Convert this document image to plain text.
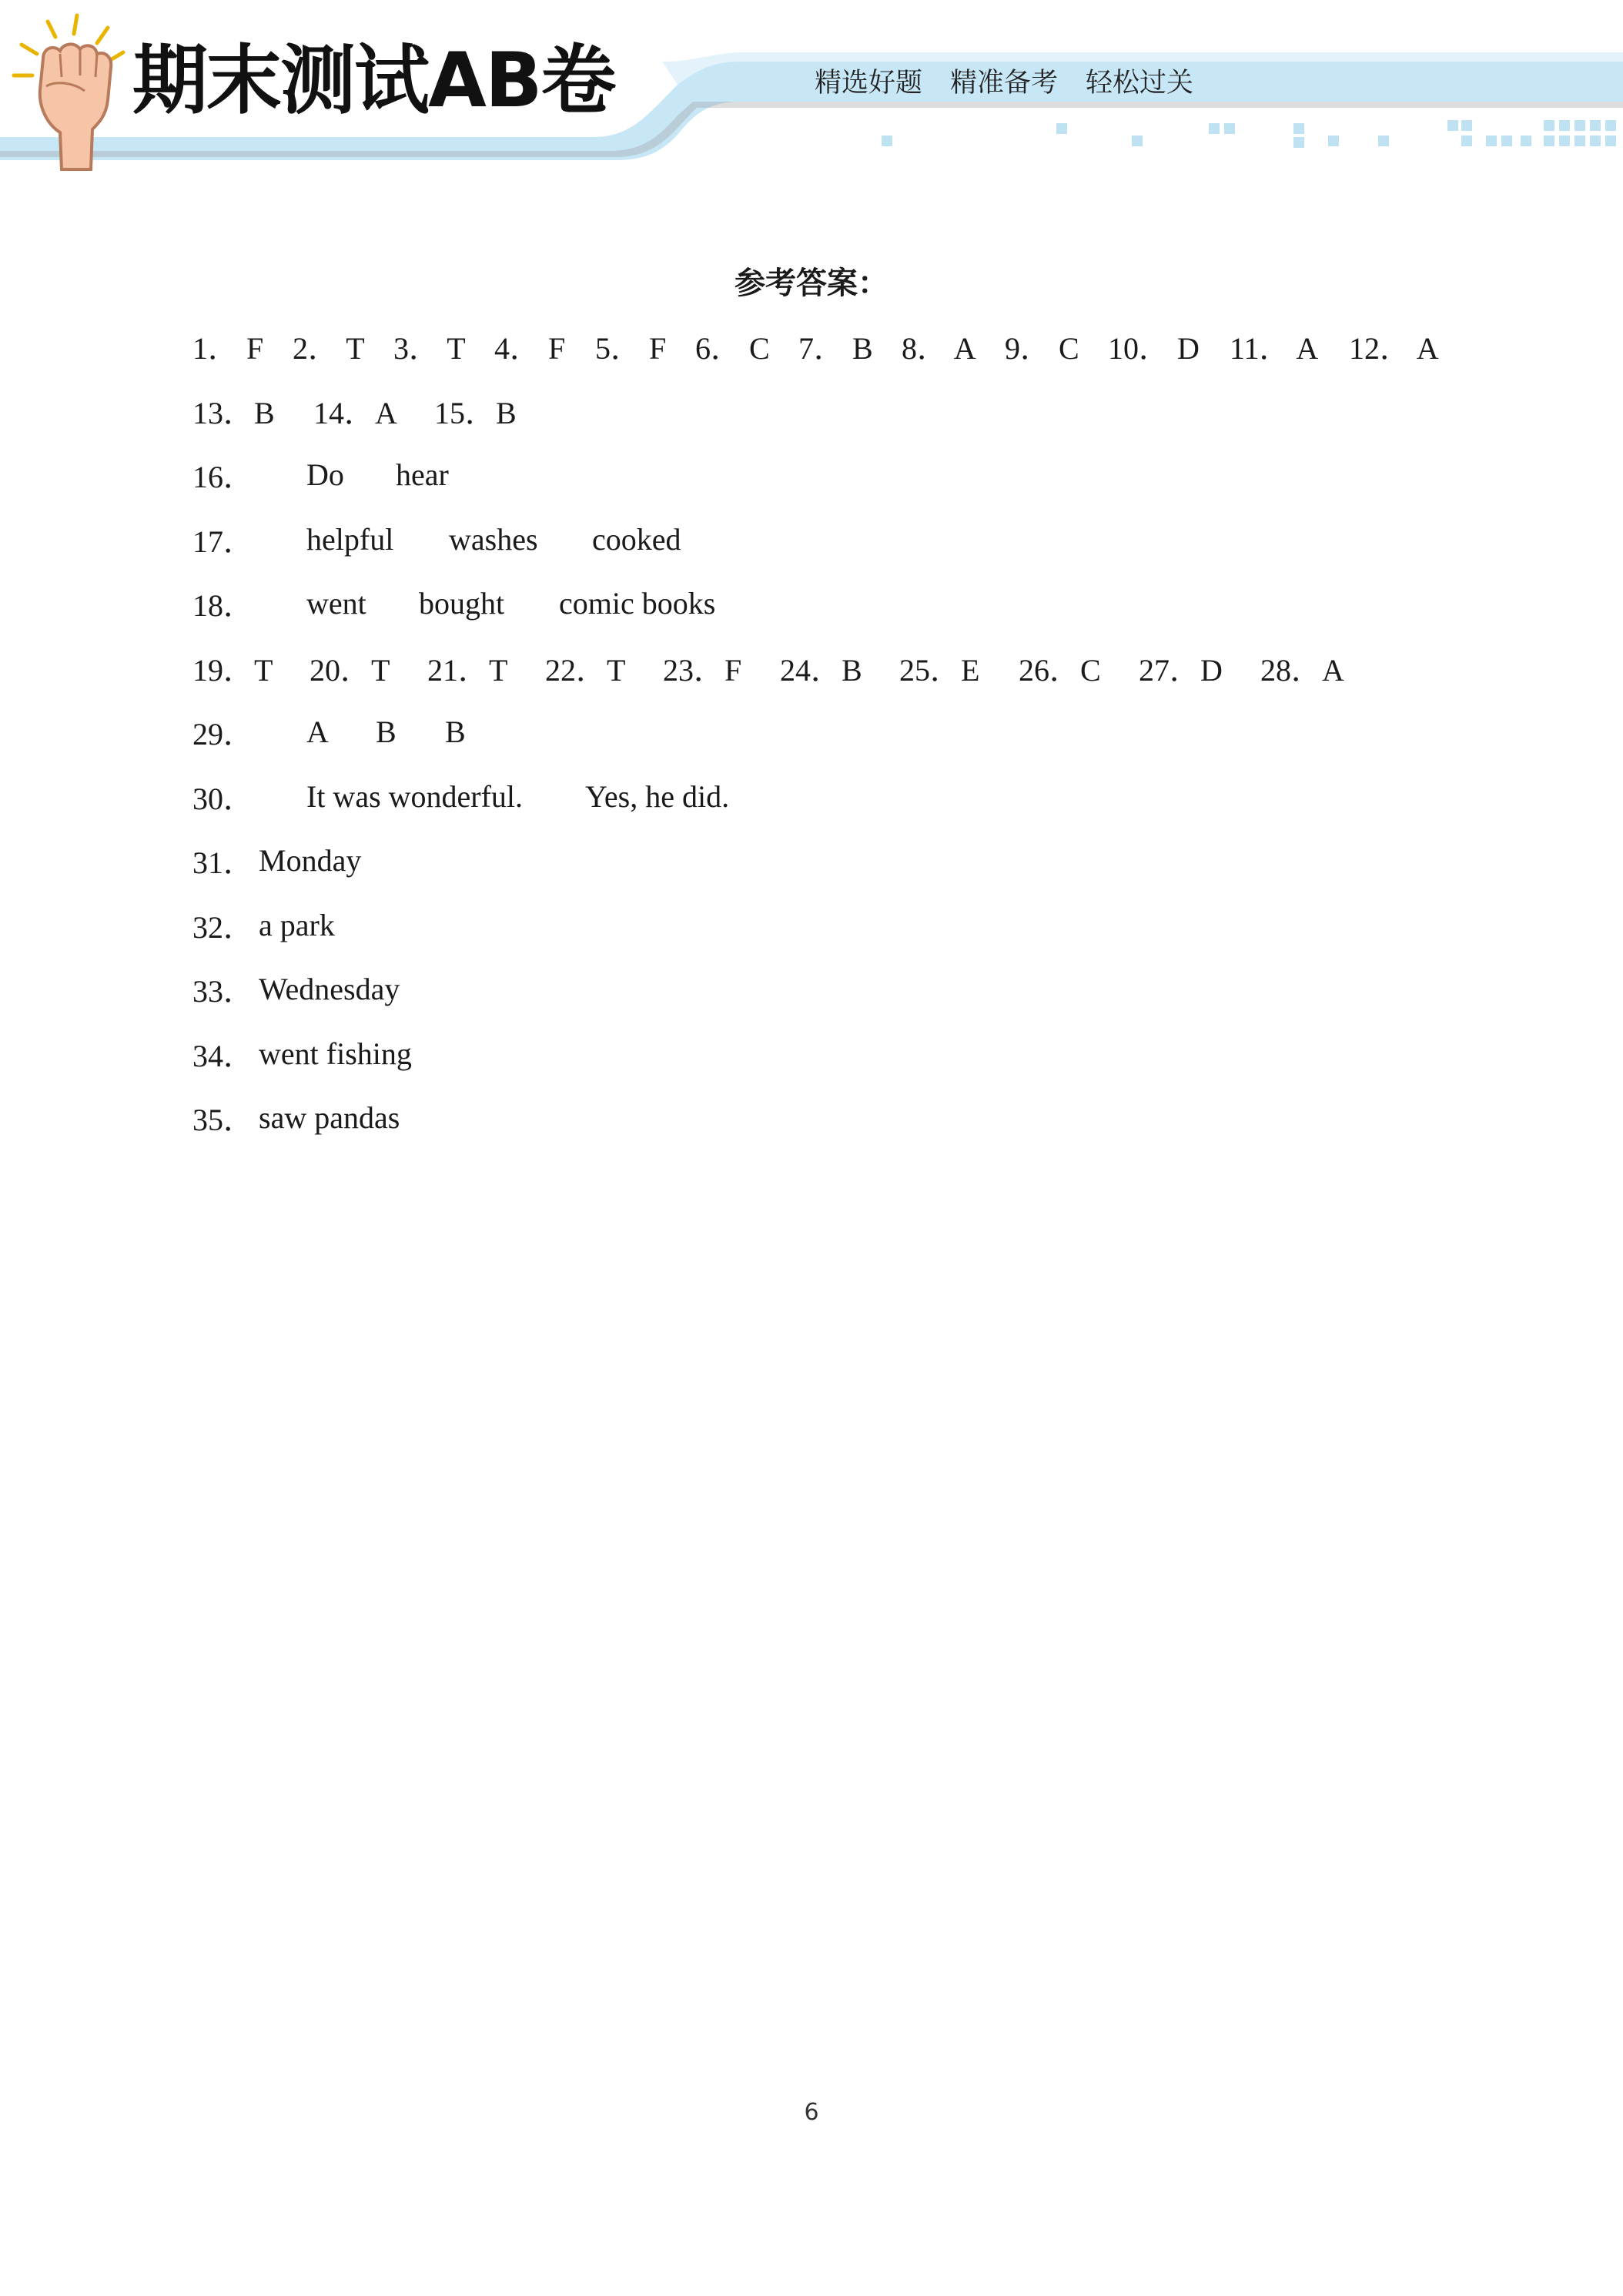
期末测试AB卷	精选好题 精准备考 轻松过关
参考答案：
1． F 2． T 3． T 4． F 5． F 6． C 7． B 8． A 9． C 10． D 11． A 12． A
13．B	14．A	15．B
16．	Do	hear
17．	helpful	washes	cooked
18．	went	bought	comic books
19．T	20．T	21．T	22．T	23．F	24．B	25．E	26．C	27．D	28．A
29．	A	B	B
30．	It was wonderful.	Yes, he did.
31． Monday
32． a park
33． Wednesday
34． went fishing
35． saw pandas
6
